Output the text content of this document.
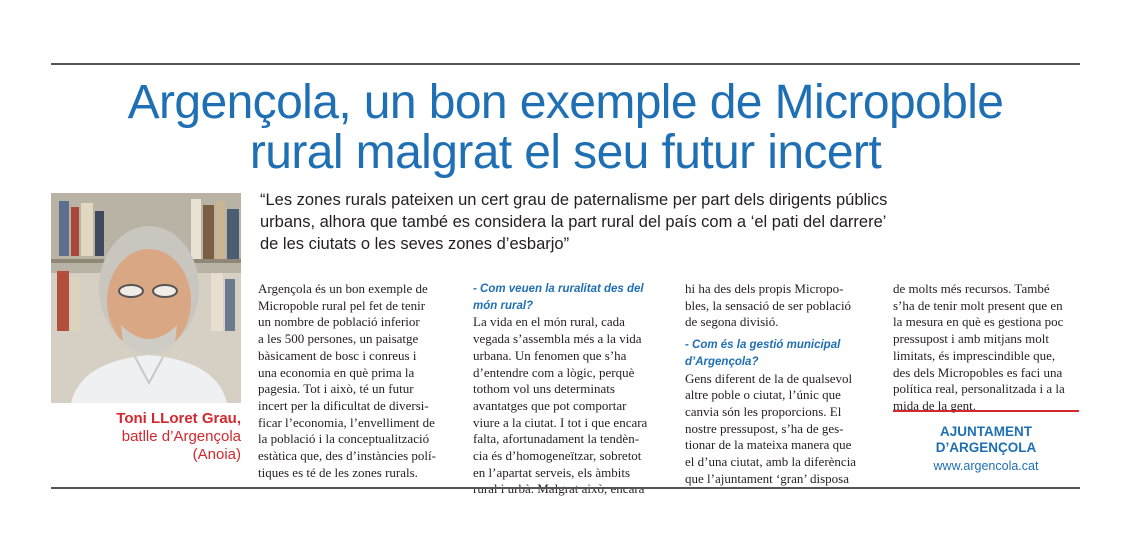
Argençola, un bon exemple de Micropoble
rural malgrat el seu futur incert
Toni LLoret Grau,
batlle d’Argençola
(Anoia)
“Les zones rurals pateixen un cert grau de paternalisme per part dels dirigents públics
urbans, alhora que també es considera la part rural del país com a ‘el pati del darrere’
de les ciutats o les seves zones d’esbarjo”

Argençola és un bon exemple de
Micropoble rural pel fet de tenir
un nombre de població inferior
a les 500 persones, un paisatge
bàsicament de bosc i conreus i
una economia en què prima la
pagesia. Tot i això, té un futur
incert per la dificultat de diversi-
ficar l’economia, l’envelliment de
la població i la conceptualització
estàtica que, des d’instàncies polí-
tiques es té de les zones rurals.

- Com veuen la ruralitat des del
món rural?

La vida en el món rural, cada
vegada s’assembla més a la vida
urbana. Un fenomen que s’ha
d’entendre com a lògic, perquè
tothom vol uns determinats
avantatges que pot comportar
viure a la ciutat. I tot i que encara
falta, afortunadament la tendèn-
cia és d’homogeneïtzar, sobretot
en l’apartat serveis, els àmbits
rural i urbà. Malgrat això, encara

hi ha des dels propis Micropo-
bles, la sensació de ser població
de segona divisió.

- Com és la gestió municipal
d’Argençola?

Gens diferent de la de qualsevol
altre poble o ciutat, l’únic que
canvia són les proporcions. El
nostre pressupost, s’ha de ges-
tionar de la mateixa manera que
el d’una ciutat, amb la diferència
que l’ajuntament ‘gran’ disposa

de molts més recursos. També
s’ha de tenir molt present que en
la mesura en què es gestiona poc
pressupost i amb mitjans molt
limitats, és imprescindible que,
des dels Micropobles es faci una
política real, personalitzada i a la
mida de la gent.

AJUNTAMENT
D’ARGENÇOLA
www.argencola.cat
